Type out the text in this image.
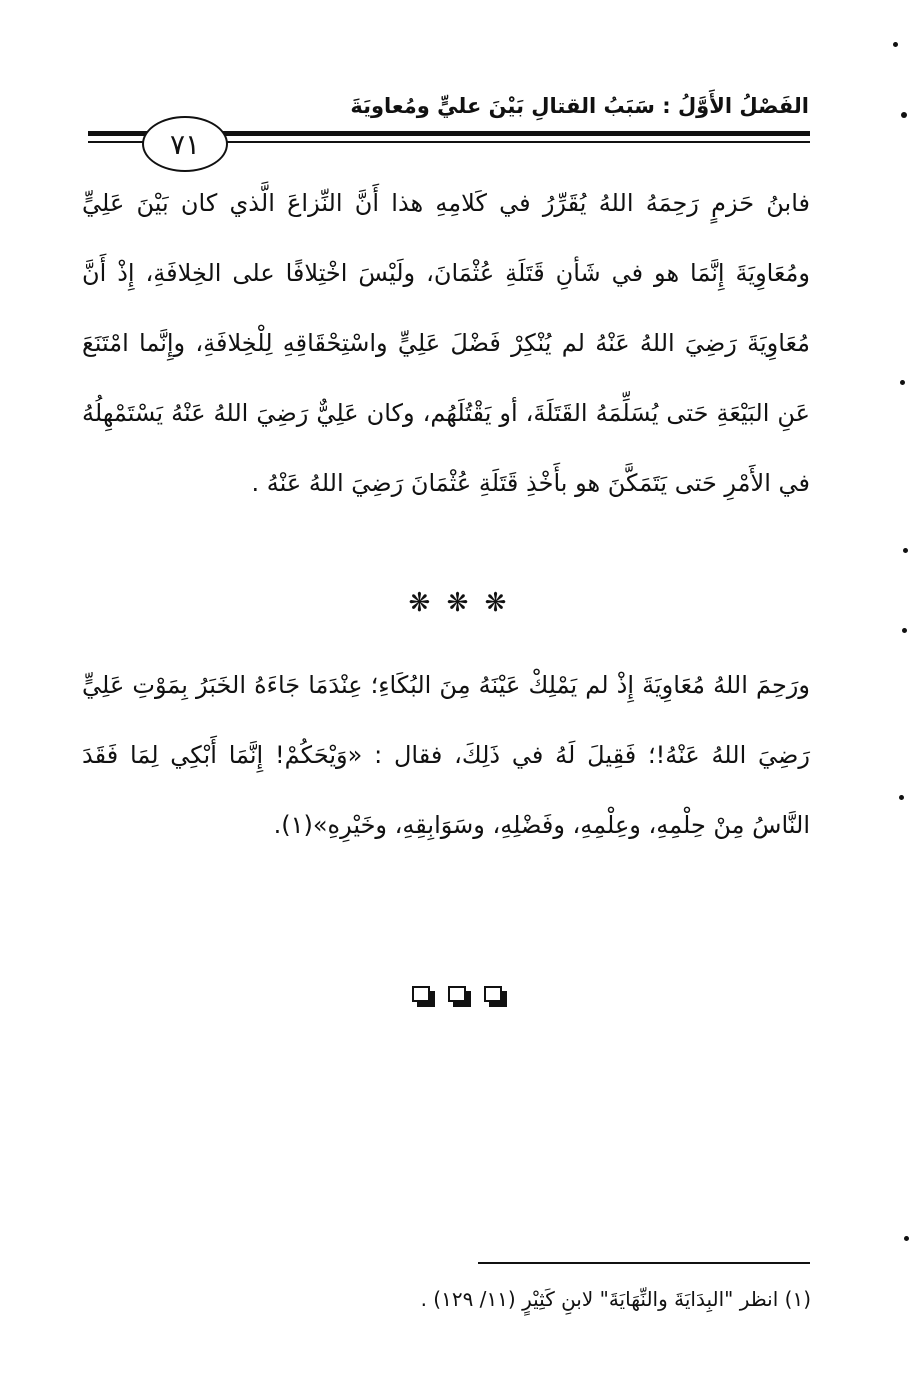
الفَصْلُ الأَوَّلُ : سَبَبُ القتالِ بَيْنَ عليٍّ ومُعاويَةَ
٧١
فابنُ حَزمٍ رَحِمَهُ اللهُ يُقَرِّرُ في كَلامِهِ هذا أَنَّ النِّزاعَ الَّذي كان بَيْنَ عَلِيٍّ ومُعَاوِيَةَ إِنَّمَا هو في شَأنِ قَتَلَةِ عُثْمَانَ، ولَيْسَ اخْتِلافًا على الخِلافَةِ، إِذْ أَنَّ مُعَاوِيَةَ رَضِيَ اللهُ عَنْهُ لم يُنْكِرْ فَضْلَ عَلِيٍّ واسْتِحْقَاقِهِ لِلْخِلافَةِ، وإِنَّما امْتَنَعَ عَنِ البَيْعَةِ حَتى يُسَلِّمَهُ القَتَلَةَ، أو يَقْتُلَهُم، وكان عَلِيٌّ رَضِيَ اللهُ عَنْهُ يَسْتَمْهِلُهُ في الأَمْرِ حَتى يَتَمَكَّنَ هو بأَخْذِ قَتَلَةِ عُثْمَانَ رَضِيَ اللهُ عَنْهُ .
❋ ❋ ❋
ورَحِمَ اللهُ مُعَاوِيَةَ إِذْ لم يَمْلِكْ عَيْنَهُ مِنَ البُكَاءِ؛ عِنْدَمَا جَاءَهُ الخَبَرُ بِمَوْتِ عَلِيٍّ رَضِيَ اللهُ عَنْهُ!؛ فَقِيلَ لَهُ في ذَلِكَ، فقال : «وَيْحَكُمْ! إِنَّمَا أَبْكِي لِمَا فَقَدَ النَّاسُ مِنْ حِلْمِهِ، وعِلْمِهِ، وفَضْلِهِ، وسَوَابِقِهِ، وخَيْرِهِ»(١).
(١) انظر "البِدَايَةَ والنِّهَايَةَ" لابنِ كَثِيْرٍ (١١/ ١٢٩) .
